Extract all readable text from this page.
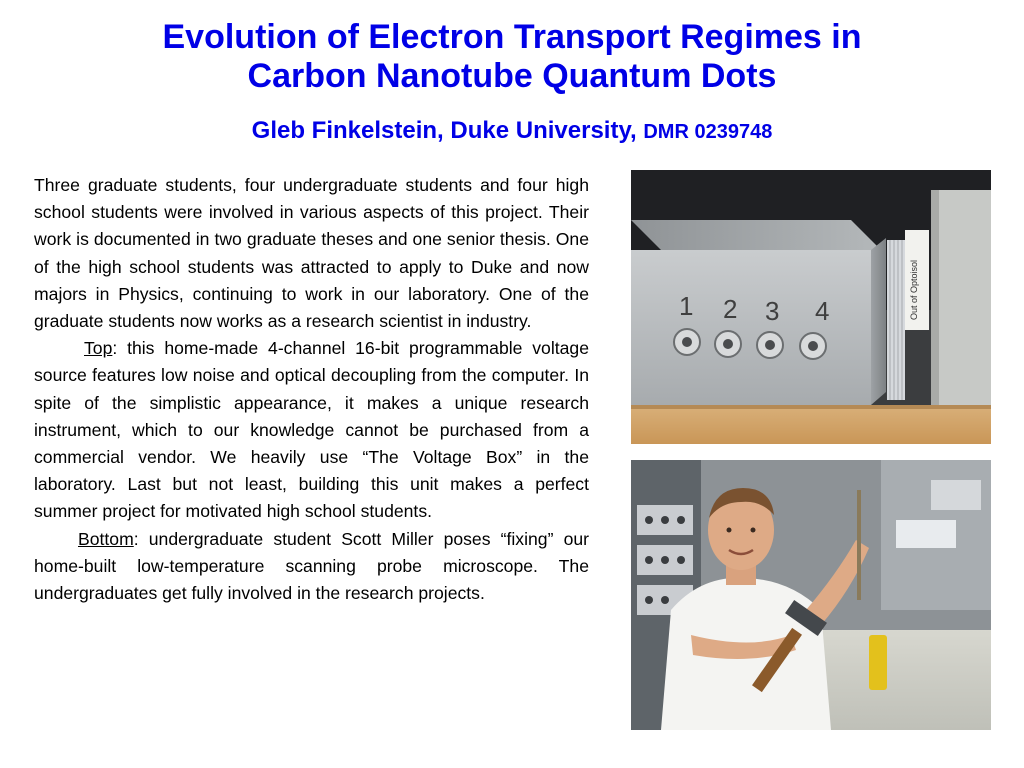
Evolution of Electron Transport Regimes in
Carbon Nanotube Quantum Dots
Gleb Finkelstein, Duke University, DMR 0239748

Three graduate students, four undergraduate students and four high school students were involved in various aspects of this project. Their work is documented in two graduate theses and one senior thesis. One of the high school students was attracted to apply to Duke and now majors in Physics, continuing to work in our laboratory. One of the graduate students now works as a research scientist in industry.

Top: this home-made 4-channel 16-bit programmable voltage source features low noise and optical decoupling from the computer. In spite of the simplistic appearance, it makes a unique research instrument, which to our knowledge cannot be purchased from a commercial vendor. We heavily use “The Voltage Box” in the laboratory. Last but not least, building this unit makes a perfect summer project for motivated high school students.

Bottom: undergraduate student Scott Miller poses “fixing” our home-built low-temperature scanning probe microscope. The undergraduates get fully involved in the research projects.

Out of Optoisol
1 2 3 4
